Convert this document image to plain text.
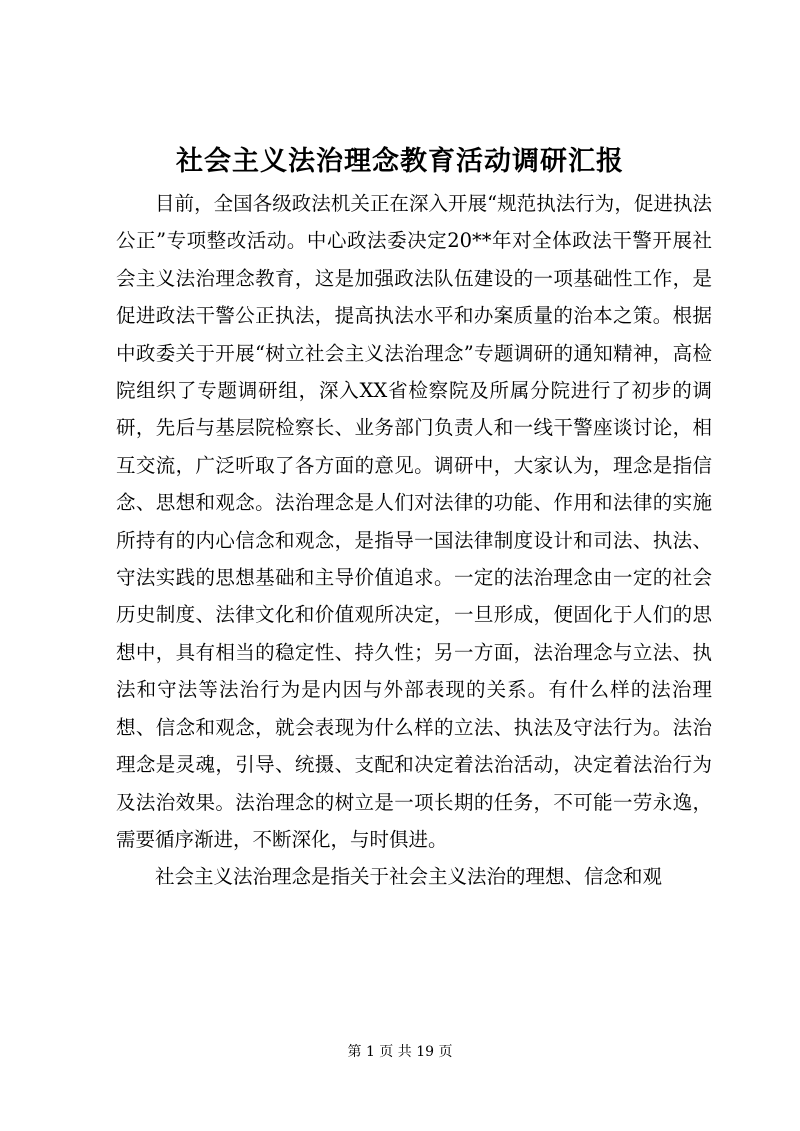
社会主义法治理念教育活动调研汇报

目前，全国各级政法机关正在深入开展“规范执法行为，促进执法公正”专项整改活动。中心政法委决定20**年对全体政法干警开展社会主义法治理念教育，这是加强政法队伍建设的一项基础性工作，是促进政法干警公正执法，提高执法水平和办案质量的治本之策。根据中政委关于开展“树立社会主义法治理念”专题调研的通知精神，高检院组织了专题调研组，深入XX省检察院及所属分院进行了初步的调研，先后与基层院检察长、业务部门负责人和一线干警座谈讨论，相互交流，广泛听取了各方面的意见。调研中，大家认为，理念是指信念、思想和观念。法治理念是人们对法律的功能、作用和法律的实施所持有的内心信念和观念，是指导一国法律制度设计和司法、执法、守法实践的思想基础和主导价值追求。一定的法治理念由一定的社会历史制度、法律文化和价值观所决定，一旦形成，便固化于人们的思想中，具有相当的稳定性、持久性；另一方面，法治理念与立法、执法和守法等法治行为是内因与外部表现的关系。有什么样的法治理想、信念和观念，就会表现为什么样的立法、执法及守法行为。法治理念是灵魂，引导、统摄、支配和决定着法治活动，决定着法治行为及法治效果。法治理念的树立是一项长期的任务，不可能一劳永逸，需要循序渐进，不断深化，与时俱进。

社会主义法治理念是指关于社会主义法治的理想、信念和观

第 1 页 共 19 页
